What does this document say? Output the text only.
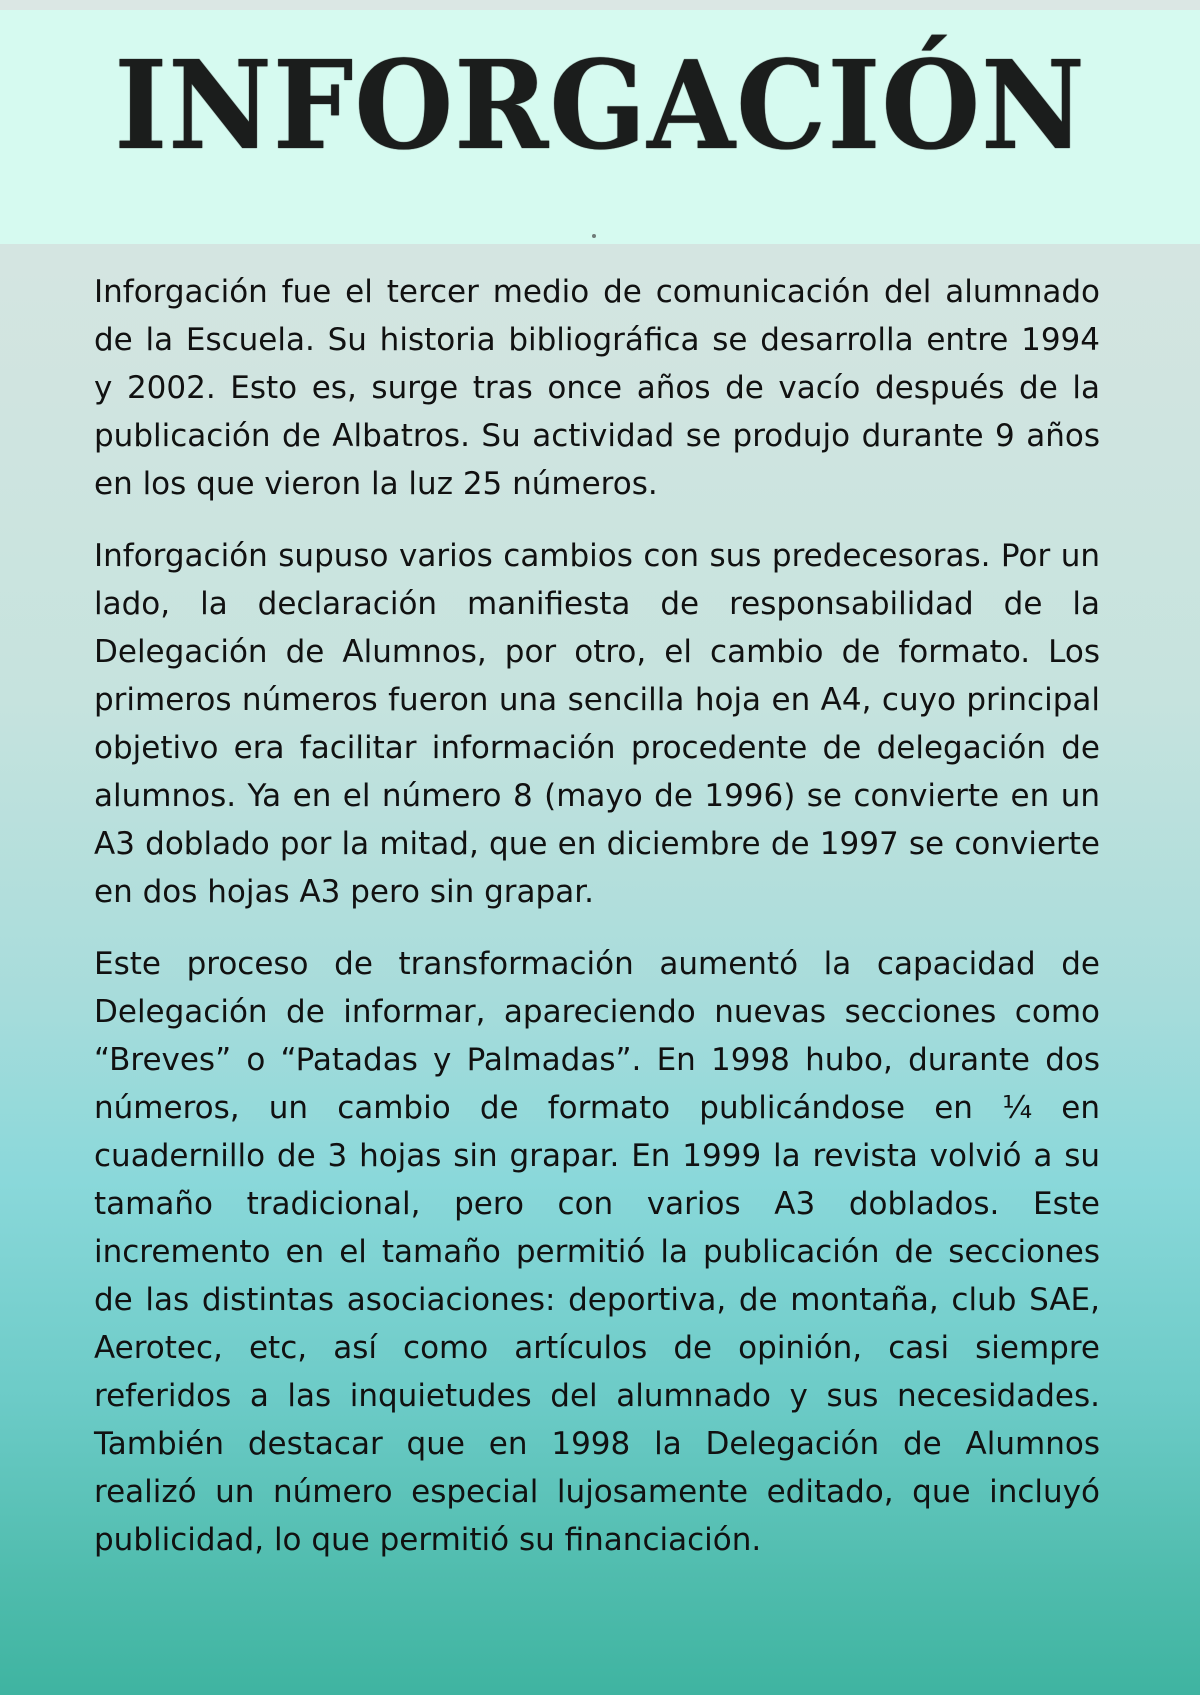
INFORGACIÓN

Inforgación fue el tercer medio de comunicación del alumnado de la Escuela. Su historia bibliográfica se desarrolla entre 1994 y 2002. Esto es, surge tras once años de vacío después de la publicación de Albatros. Su actividad se produjo durante 9 años en los que vieron la luz 25 números.

Inforgación supuso varios cambios con sus predecesoras. Por un lado, la declaración manifiesta de responsabilidad de la Delegación de Alumnos, por otro, el cambio de formato. Los primeros números fueron una sencilla hoja en A4, cuyo principal objetivo era facilitar información procedente de delegación de alumnos. Ya en el número 8 (mayo de 1996) se convierte en un A3 doblado por la mitad, que en diciembre de 1997 se convierte en dos hojas A3 pero sin grapar.

Este proceso de transformación aumentó la capacidad de Delegación de informar, apareciendo nuevas secciones como “Breves” o “Patadas y Palmadas”. En 1998 hubo, durante dos números, un cambio de formato publicándose en ¼ en cuadernillo de 3 hojas sin grapar. En 1999 la revista volvió a su tamaño tradicional, pero con varios A3 doblados. Este incremento en el tamaño permitió la publicación de secciones de las distintas asociaciones: deportiva, de montaña, club SAE, Aerotec, etc, así como artículos de opinión, casi siempre referidos a las inquietudes del alumnado y sus necesidades. También destacar que en 1998 la Delegación de Alumnos realizó un número especial lujosamente editado, que incluyó publicidad, lo que permitió su financiación.
